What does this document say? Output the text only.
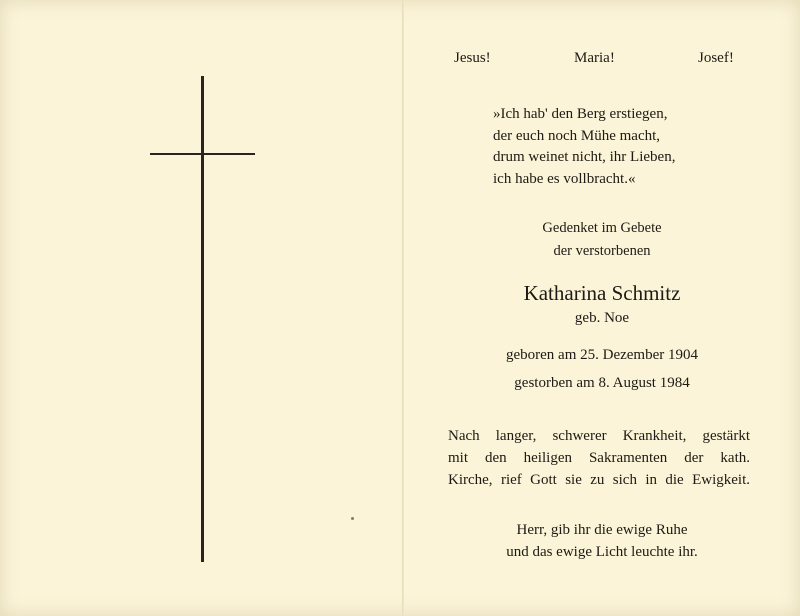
Jesus!	Maria!	Josef!
»Ich hab' den Berg erstiegen,
der euch noch Mühe macht,
drum weinet nicht, ihr Lieben,
ich habe es vollbracht.«
Gedenket im Gebete
der verstorbenen
Katharina Schmitz
geb. Noe
geboren am 25. Dezember 1904
gestorben am 8. August 1984
Nach langer, schwerer Krankheit, gestärkt
mit den heiligen Sakramenten der kath.
Kirche, rief Gott sie zu sich in die Ewigkeit.
Herr, gib ihr die ewige Ruhe
und das ewige Licht leuchte ihr.
